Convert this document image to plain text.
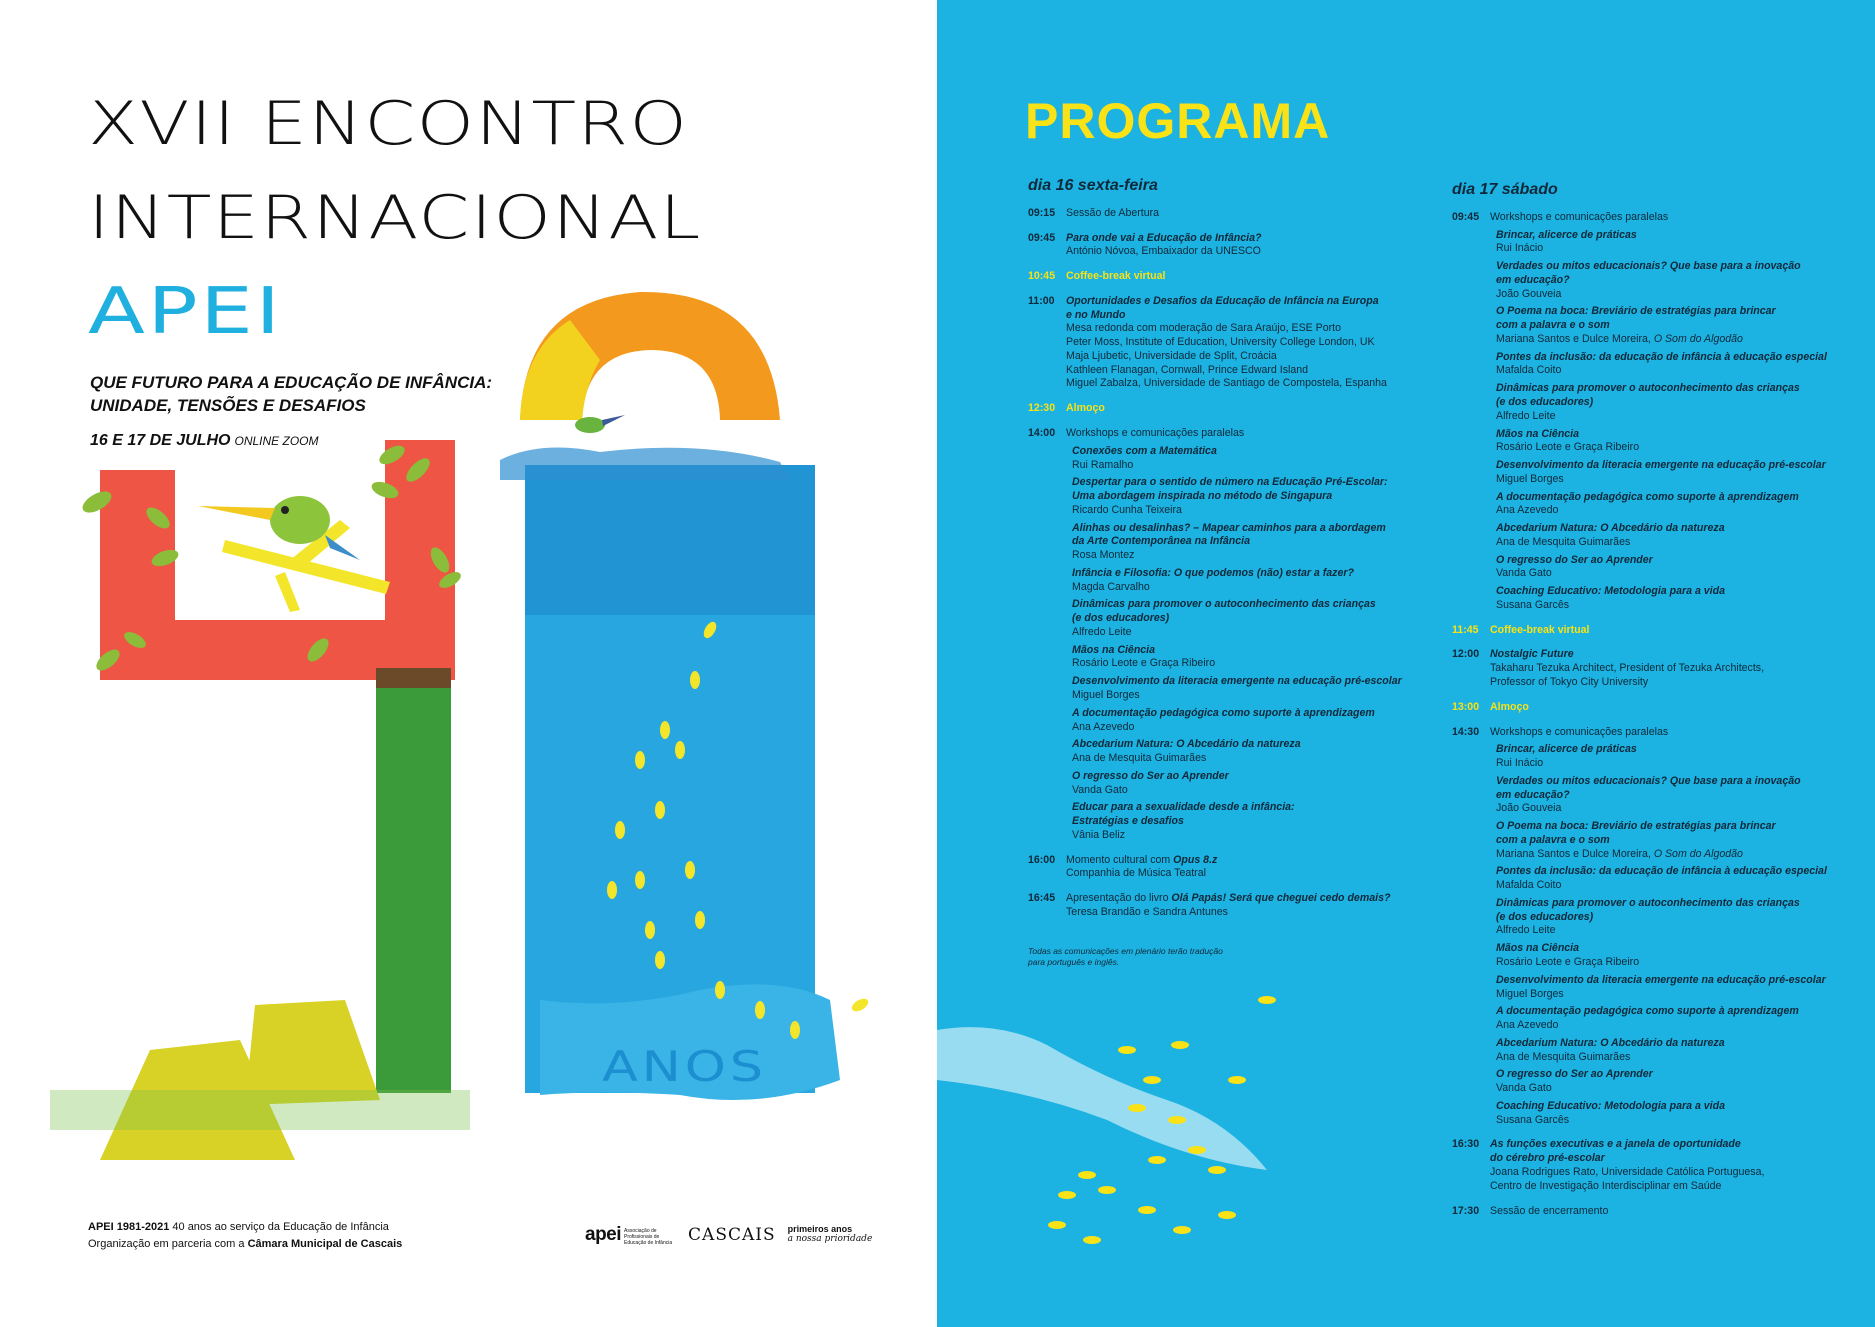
XVII ENCONTRO
INTERNACIONAL
APEI
QUE FUTURO PARA A EDUCAÇÃO DE INFÂNCIA:
UNIDADE, TENSÕES E DESAFIOS
16 E 17 DE JULHO ONLINE ZOOM
ANOS
APEI 1981-2021 40 anos ao serviço da Educação de Infância
Organização em parceria com a Câmara Municipal de Cascais	apei Associação de Profissionais de Educação de Infância CASCAIS primeiros anos
a nossa prioridade
PROGRAMA
dia 16 sexta-feira
09:15	Sessão de Abertura
09:45	Para onde vai a Educação de Infância?
António Nóvoa, Embaixador da UNESCO
10:45	Coffee-break virtual
11:00	Oportunidades e Desafios da Educação de Infância na Europa
e no Mundo
Mesa redonda com moderação de Sara Araújo, ESE Porto
Peter Moss, Institute of Education, University College London, UK
Maja Ljubetic, Universidade de Split, Croácia
Kathleen Flanagan, Cornwall, Prince Edward Island
Miguel Zabalza, Universidade de Santiago de Compostela, Espanha
12:30	Almoço
14:00	Workshops e comunicações paralelas
Conexões com a Matemática
Rui Ramalho
Despertar para o sentido de número na Educação Pré-Escolar:
Uma abordagem inspirada no método de Singapura
Ricardo Cunha Teixeira
Alinhas ou desalinhas? – Mapear caminhos para a abordagem
da Arte Contemporânea na Infância
Rosa Montez
Infância e Filosofia: O que podemos (não) estar a fazer?
Magda Carvalho
Dinâmicas para promover o autoconhecimento das crianças
(e dos educadores)
Alfredo Leite
Mãos na Ciência
Rosário Leote e Graça Ribeiro
Desenvolvimento da literacia emergente na educação pré-escolar
Miguel Borges
A documentação pedagógica como suporte à aprendizagem
Ana Azevedo
Abcedarium Natura: O Abcedário da natureza
Ana de Mesquita Guimarães
O regresso do Ser ao Aprender
Vanda Gato
Educar para a sexualidade desde a infância:
Estratégias e desafios
Vânia Beliz
16:00	Momento cultural com Opus 8.z
Companhia de Música Teatral
16:45	Apresentação do livro Olá Papás! Será que cheguei cedo demais?
Teresa Brandão e Sandra Antunes
Todas as comunicações em plenário terão tradução
para português e inglês.
dia 17 sábado
09:45	Workshops e comunicações paralelas
Brincar, alicerce de práticas
Rui Inácio
Verdades ou mitos educacionais? Que base para a inovação
em educação?
João Gouveia
O Poema na boca: Breviário de estratégias para brincar
com a palavra e o som
Mariana Santos e Dulce Moreira, O Som do Algodão
Pontes da inclusão: da educação de infância à educação especial
Mafalda Coito
Dinâmicas para promover o autoconhecimento das crianças
(e dos educadores)
Alfredo Leite
Mãos na Ciência
Rosário Leote e Graça Ribeiro
Desenvolvimento da literacia emergente na educação pré-escolar
Miguel Borges
A documentação pedagógica como suporte à aprendizagem
Ana Azevedo
Abcedarium Natura: O Abcedário da natureza
Ana de Mesquita Guimarães
O regresso do Ser ao Aprender
Vanda Gato
Coaching Educativo: Metodologia para a vida
Susana Garcês
11:45	Coffee-break virtual
12:00	Nostalgic Future
Takaharu Tezuka Architect, President of Tezuka Architects,
Professor of Tokyo City University
13:00	Almoço
14:30	Workshops e comunicações paralelas
Brincar, alicerce de práticas
Rui Inácio
Verdades ou mitos educacionais? Que base para a inovação
em educação?
João Gouveia
O Poema na boca: Breviário de estratégias para brincar
com a palavra e o som
Mariana Santos e Dulce Moreira, O Som do Algodão
Pontes da inclusão: da educação de infância à educação especial
Mafalda Coito
Dinâmicas para promover o autoconhecimento das crianças
(e dos educadores)
Alfredo Leite
Mãos na Ciência
Rosário Leote e Graça Ribeiro
Desenvolvimento da literacia emergente na educação pré-escolar
Miguel Borges
A documentação pedagógica como suporte à aprendizagem
Ana Azevedo
Abcedarium Natura: O Abcedário da natureza
Ana de Mesquita Guimarães
O regresso do Ser ao Aprender
Vanda Gato
Coaching Educativo: Metodologia para a vida
Susana Garcês
16:30	As funções executivas e a janela de oportunidade
do cérebro pré-escolar
Joana Rodrigues Rato, Universidade Católica Portuguesa,
Centro de Investigação Interdisciplinar em Saúde
17:30	Sessão de encerramento
